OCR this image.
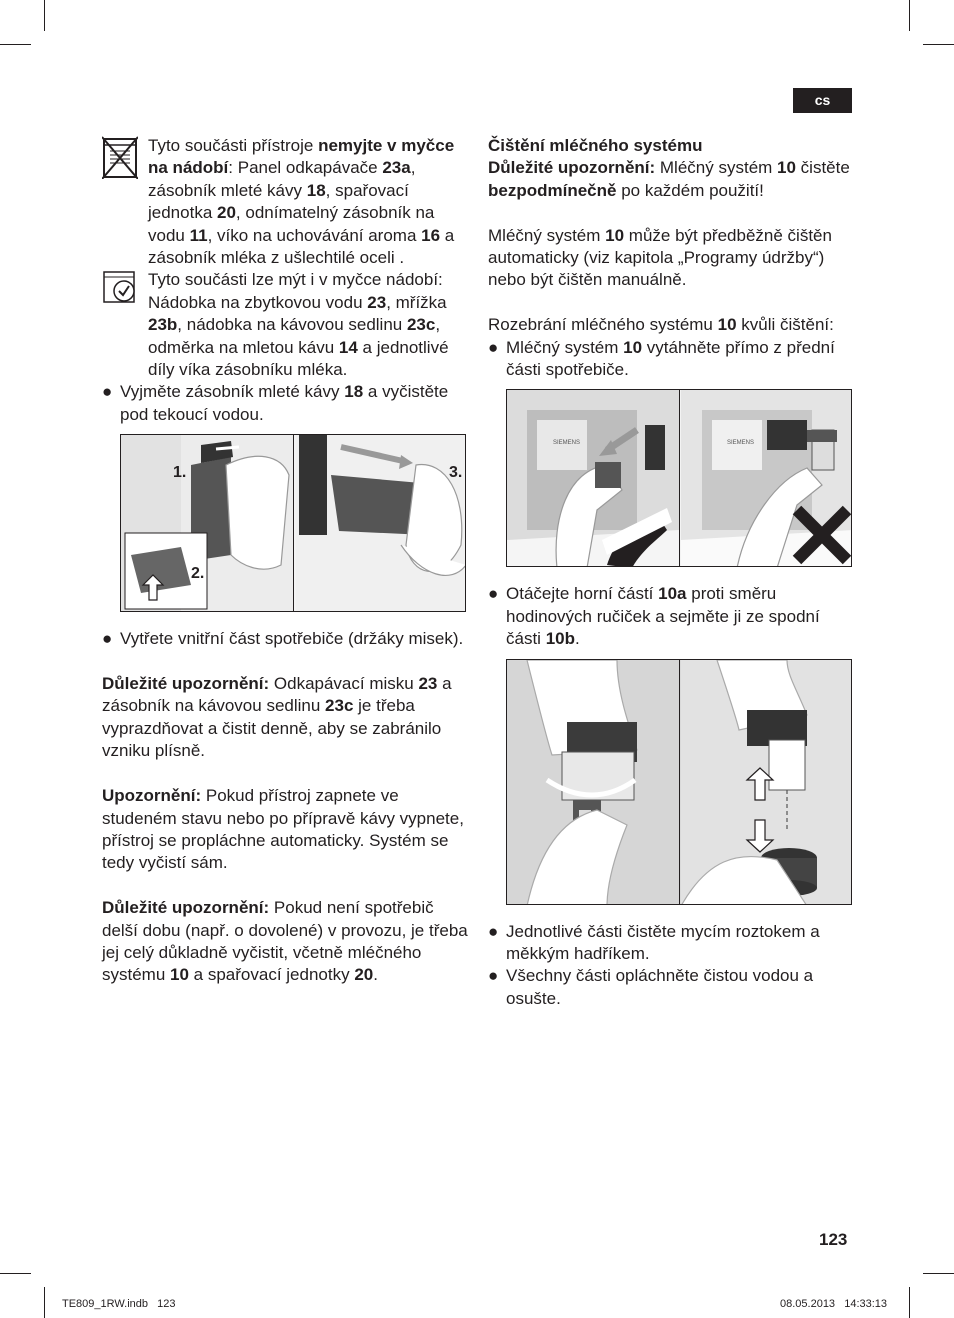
cs
Tyto součásti přístroje nemyjte v myčce na nádobí: Panel odkapávače 23a, zásobník mleté kávy 18, spařovací jednotka 20, odnímatelný zásobník na vodu 11, víko na uchovávání aroma 16 a zásobník mléka z ušlechtilé oceli .
Tyto součásti lze mýt i v myčce nádobí: Nádobka na zbytkovou vodu 23, mřížka 23b, nádobka na kávovou sedlinu 23c, odměrka na mletou kávu 14 a jednotlivé díly víka zásobníku mléka.
● Vyjměte zásobník mleté kávy 18 a vyčistěte pod tekoucí vodou.
1.
2.
3.
● Vytřete vnitřní část spotřebiče (držáky misek).

Důležité upozornění: Odkapávací misku 23 a zásobník na kávovou sedlinu 23c je třeba vyprazdňovat a čistit denně, aby se zabránilo vzniku plísně.

Upozornění: Pokud přístroj zapnete ve studeném stavu nebo po přípravě kávy vypnete, přístroj se propláchne automaticky. Systém se tedy vyčistí sám.

Důležité upozornění: Pokud není spotřebič delší dobu (např. o dovolené) v provozu, je třeba jej celý důkladně vyčistit, včetně mléčného systému 10 a spařovací jednotky 20.

Čištění mléčného systému

Důležité upozornění: Mléčný systém 10 čistěte bezpodmínečně po každém použití!

Mléčný systém 10 může být předběžně čištěn automaticky (viz kapitola „Programy údržby“) nebo být čištěn manuálně.

Rozebrání mléčného systému 10 kvůli čištění:

● Mléčný systém 10 vytáhněte přímo z přední části spotřebiče.
SIEMENS	SIEMENS
● Otáčejte horní částí 10a proti směru hodinových ručiček a sejměte ji ze spodní části 10b.
● Jednotlivé části čistěte mycím roztokem a měkkým hadříkem.
● Všechny části opláchněte čistou vodou a osušte.
123
TE809_1RW.indb   123	08.05.2013   14:33:13
